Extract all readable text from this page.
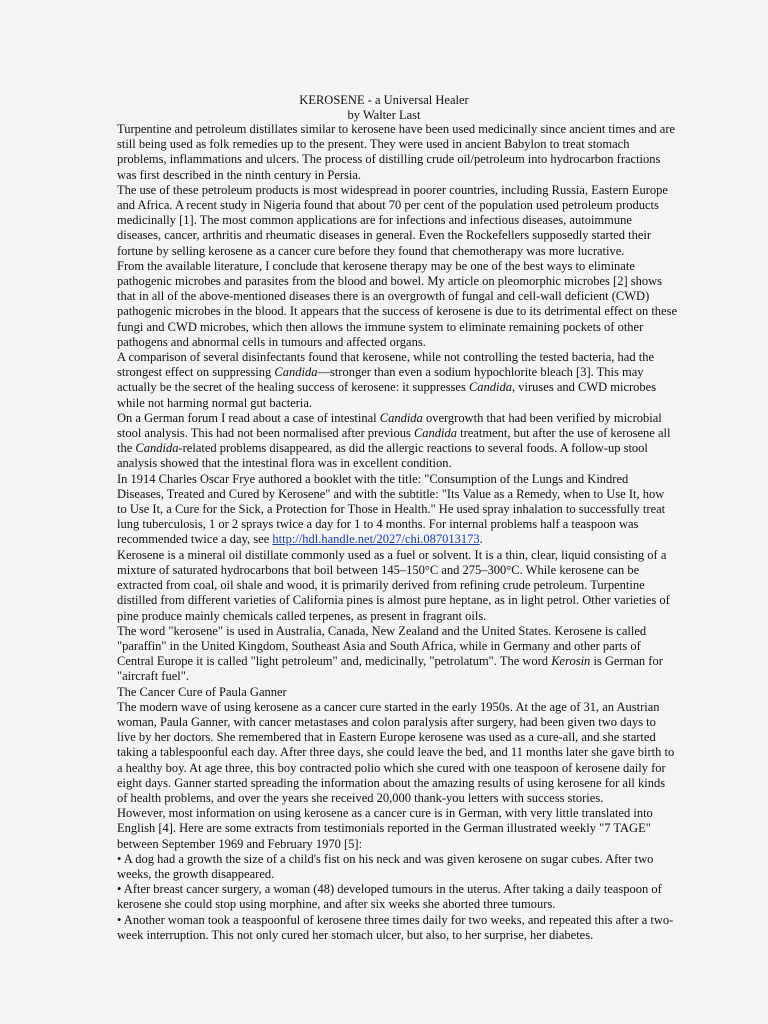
KEROSENE - a Universal Healer
by Walter Last

Turpentine and petroleum distillates similar to kerosene have been used medicinally since ancient times and are still being used as folk remedies up to the present. They were used in ancient Babylon to treat stomach problems, inflammations and ulcers. The process of distilling crude oil/petroleum into hydrocarbon fractions was first described in the ninth century in Persia.

The use of these petroleum products is most widespread in poorer countries, including Russia, Eastern Europe and Africa. A recent study in Nigeria found that about 70 per cent of the population used petroleum products medicinally [1]. The most common applications are for infections and infectious diseases, autoimmune diseases, cancer, arthritis and rheumatic diseases in general. Even the Rockefellers supposedly started their fortune by selling kerosene as a cancer cure before they found that chemotherapy was more lucrative.

From the available literature, I conclude that kerosene therapy may be one of the best ways to eliminate pathogenic microbes and parasites from the blood and bowel. My article on pleomorphic microbes [2] shows that in all of the above-mentioned diseases there is an overgrowth of fungal and cell-wall deficient (CWD) pathogenic microbes in the blood. It appears that the success of kerosene is due to its detrimental effect on these fungi and CWD microbes, which then allows the immune system to eliminate remaining pockets of other pathogens and abnormal cells in tumours and affected organs.

A comparison of several disinfectants found that kerosene, while not controlling the tested bacteria, had the strongest effect on suppressing Candida—stronger than even a sodium hypochlorite bleach [3]. This may actually be the secret of the healing success of kerosene: it suppresses Candida, viruses and CWD microbes while not harming normal gut bacteria.

On a German forum I read about a case of intestinal Candida overgrowth that had been verified by microbial stool analysis. This had not been normalised after previous Candida treatment, but after the use of kerosene all the Candida-related problems disappeared, as did the allergic reactions to several foods. A follow-up stool analysis showed that the intestinal flora was in excellent condition.

In 1914 Charles Oscar Frye authored a booklet with the title: "Consumption of the Lungs and Kindred Diseases, Treated and Cured by Kerosene" and with the subtitle: "Its Value as a Remedy, when to Use It, how to Use It, a Cure for the Sick, a Protection for Those in Health." He used spray inhalation to successfully treat lung tuberculosis, 1 or 2 sprays twice a day for 1 to 4 months. For internal problems half a teaspoon was recommended twice a day, see http://hdl.handle.net/2027/chi.087013173.

Kerosene is a mineral oil distillate commonly used as a fuel or solvent. It is a thin, clear, liquid consisting of a mixture of saturated hydrocarbons that boil between 145–150°C and 275–300°C. While kerosene can be extracted from coal, oil shale and wood, it is primarily derived from refining crude petroleum. Turpentine distilled from different varieties of California pines is almost pure heptane, as in light petrol. Other varieties of pine produce mainly chemicals called terpenes, as present in fragrant oils.

The word "kerosene" is used in Australia, Canada, New Zealand and the United States. Kerosene is called "paraffin" in the United Kingdom, Southeast Asia and South Africa, while in Germany and other parts of Central Europe it is called "light petroleum" and, medicinally, "petrolatum". The word Kerosin is German for "aircraft fuel".

The Cancer Cure of Paula Ganner

The modern wave of using kerosene as a cancer cure started in the early 1950s. At the age of 31, an Austrian woman, Paula Ganner, with cancer metastases and colon paralysis after surgery, had been given two days to live by her doctors. She remembered that in Eastern Europe kerosene was used as a cure-all, and she started taking a tablespoonful each day. After three days, she could leave the bed, and 11 months later she gave birth to a healthy boy. At age three, this boy contracted polio which she cured with one teaspoon of kerosene daily for eight days. Ganner started spreading the information about the amazing results of using kerosene for all kinds of health problems, and over the years she received 20,000 thank-you letters with success stories.

However, most information on using kerosene as a cancer cure is in German, with very little translated into English [4]. Here are some extracts from testimonials reported in the German illustrated weekly "7 TAGE" between September 1969 and February 1970 [5]:

• A dog had a growth the size of a child's fist on his neck and was given kerosene on sugar cubes. After two weeks, the growth disappeared.

• After breast cancer surgery, a woman (48) developed tumours in the uterus. After taking a daily teaspoon of kerosene she could stop using morphine, and after six weeks she aborted three tumours.

• Another woman took a teaspoonful of kerosene three times daily for two weeks, and repeated this after a two-week interruption. This not only cured her stomach ulcer, but also, to her surprise, her diabetes.
